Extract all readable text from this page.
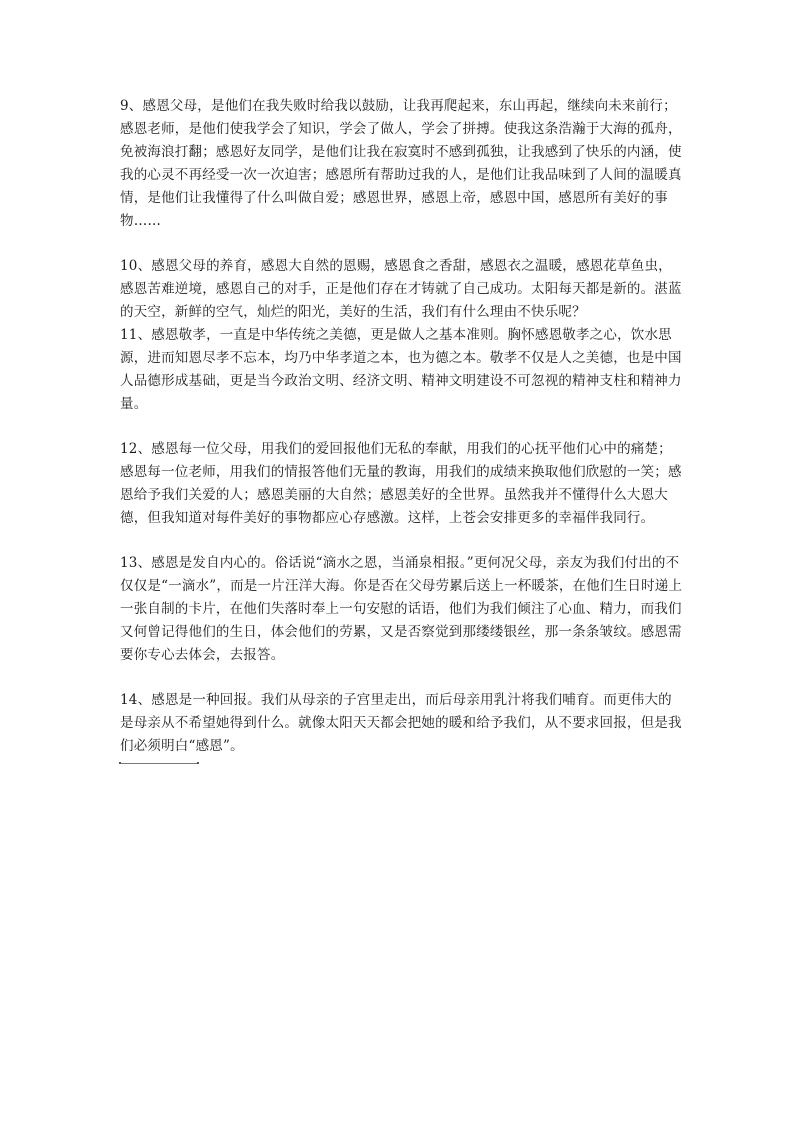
9、感恩父母，是他们在我失败时给我以鼓励，让我再爬起来，东山再起，继续向未来前行；感恩老师，是他们使我学会了知识，学会了做人，学会了拼搏。使我这条浩瀚于大海的孤舟，免被海浪打翻；感恩好友同学，是他们让我在寂寞时不感到孤独，让我感到了快乐的内涵，使我的心灵不再经受一次一次迫害；感恩所有帮助过我的人，是他们让我品味到了人间的温暖真情，是他们让我懂得了什么叫做自爱；感恩世界，感恩上帝，感恩中国，感恩所有美好的事物……

10、感恩父母的养育，感恩大自然的恩赐，感恩食之香甜，感恩衣之温暖，感恩花草鱼虫，感恩苦难逆境，感恩自己的对手，正是他们存在才铸就了自己成功。太阳每天都是新的。湛蓝的天空，新鲜的空气，灿烂的阳光，美好的生活，我们有什么理由不快乐呢？

11、感恩敬孝，一直是中华传统之美德，更是做人之基本准则。胸怀感恩敬孝之心，饮水思源，进而知恩尽孝不忘本，均乃中华孝道之本，也为德之本。敬孝不仅是人之美德，也是中国人品德形成基础，更是当今政治文明、经济文明、精神文明建设不可忽视的精神支柱和精神力量。

12、感恩每一位父母，用我们的爱回报他们无私的奉献，用我们的心抚平他们心中的痛楚；感恩每一位老师，用我们的情报答他们无量的教诲，用我们的成绩来换取他们欣慰的一笑；感恩给予我们关爱的人；感恩美丽的大自然；感恩美好的全世界。虽然我并不懂得什么大恩大德，但我知道对每件美好的事物都应心存感激。这样，上苍会安排更多的幸福伴我同行。

13、感恩是发自内心的。俗话说“滴水之恩，当涌泉相报。”更何况父母，亲友为我们付出的不仅仅是“一滴水”，而是一片汪洋大海。你是否在父母劳累后送上一杯暖茶，在他们生日时递上一张自制的卡片，在他们失落时奉上一句安慰的话语，他们为我们倾注了心血、精力，而我们又何曾记得他们的生日，体会他们的劳累，又是否察觉到那缕缕银丝，那一条条皱纹。感恩需要你专心去体会，去报答。

14、感恩是一种回报。我们从母亲的子宫里走出，而后母亲用乳汁将我们哺育。而更伟大的是母亲从不希望她得到什么。就像太阳天天都会把她的暖和给予我们，从不要求回报，但是我们必须明白“感恩”。
